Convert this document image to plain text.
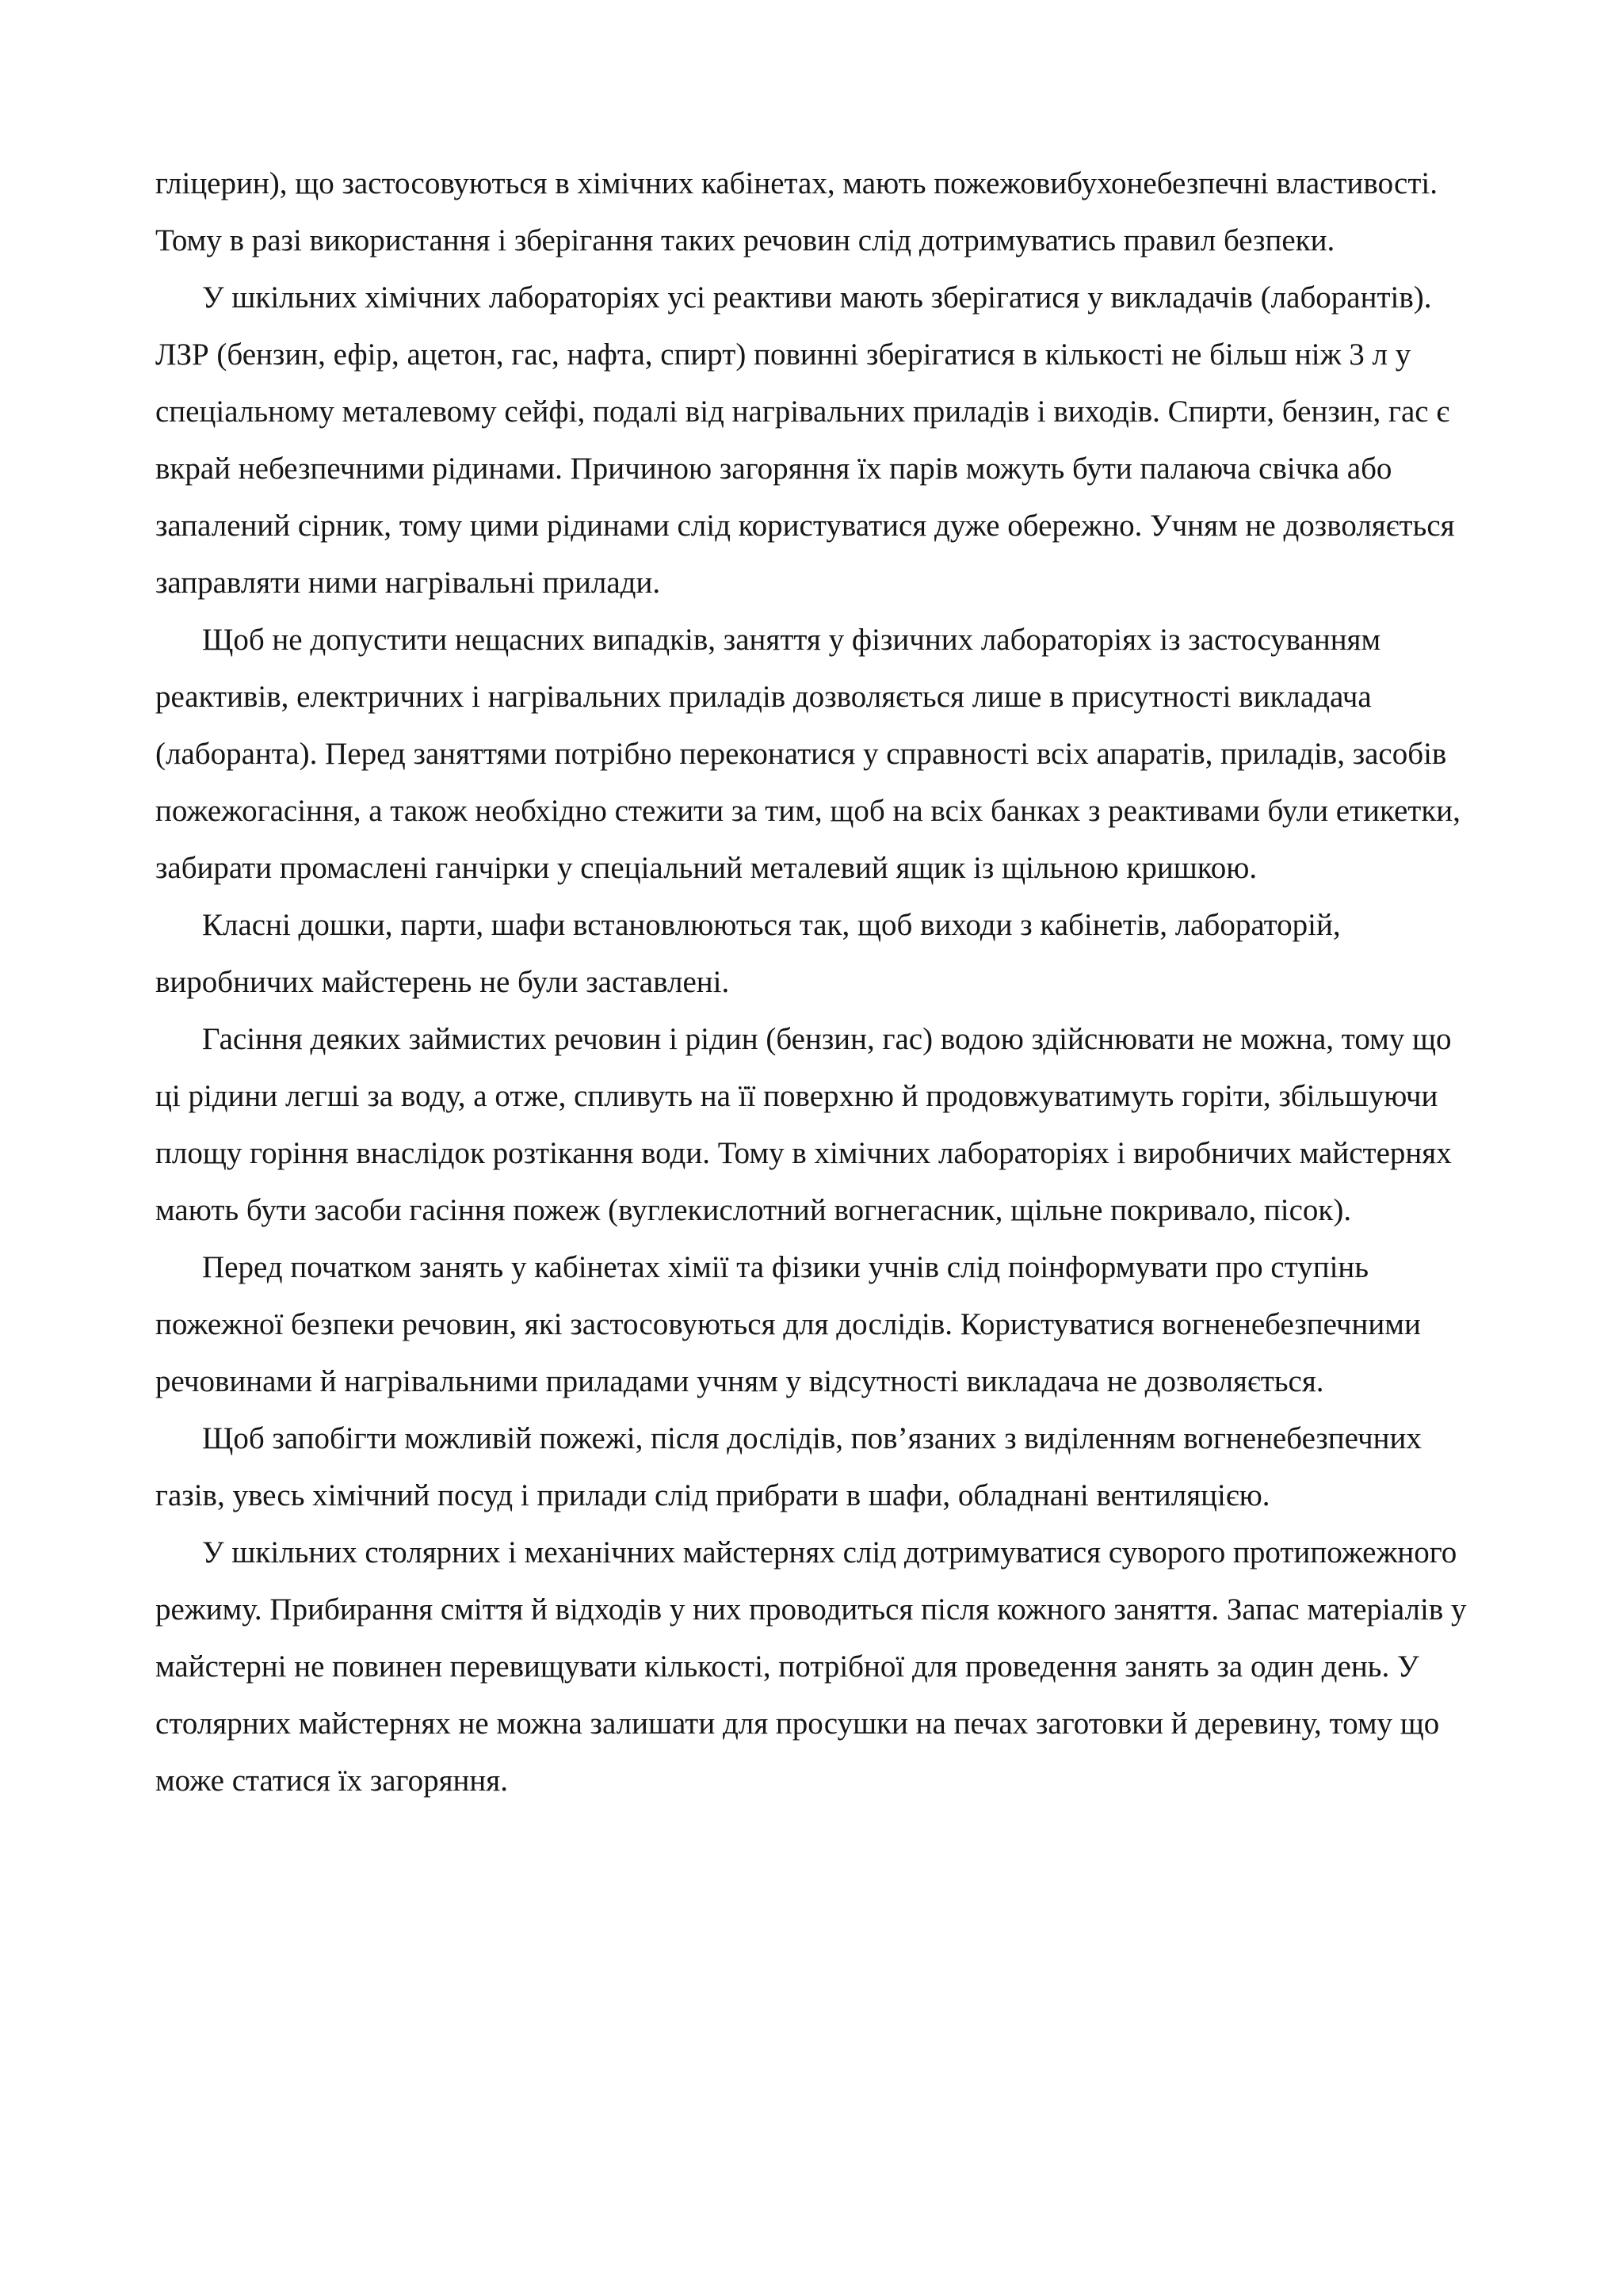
гліцерин), що застосовуються в хімічних кабінетах, мають пожежовибухонебезпечні властивості. Тому в разі використання і зберігання таких речовин слід дотримуватись правил безпеки.

У шкільних хімічних лабораторіях усі реактиви мають зберігатися у викладачів (лаборантів). ЛЗР (бензин, ефір, ацетон, гас, нафта, спирт) повинні зберігатися в кількості не більш ніж 3 л у спеціальному металевому сейфі, подалі від нагрівальних приладів і виходів. Спирти, бензин, гас є вкрай небезпечними рідинами. Причиною загоряння їх парів можуть бути палаюча свічка або запалений сірник, тому цими рідинами слід користуватися дуже обережно. Учням не дозволяється заправляти ними нагрівальні прилади.

Щоб не допустити нещасних випадків, заняття у фізичних лабораторіях із застосуванням реактивів, електричних і нагрівальних приладів дозволяється лише в присутності викладача (лаборанта). Перед заняттями потрібно переконатися у справності всіх апаратів, приладів, засобів пожежогасіння, а також необхідно стежити за тим, щоб на всіх банках з реактивами були етикетки, забирати промаслені ганчірки у спеціальний металевий ящик із щільною кришкою.

Класні дошки, парти, шафи встановлюються так, щоб виходи з кабінетів, лабораторій, виробничих майстерень не були заставлені.

Гасіння деяких займистих речовин і рідин (бензин, гас) водою здійснювати не можна, тому що ці рідини легші за воду, а отже, спливуть на її поверхню й продовжуватимуть горіти, збільшуючи площу горіння внаслідок розтікання води. Тому в хімічних лабораторіях і виробничих майстернях мають бути засоби гасіння пожеж (вуглекислотний вогнегасник, щільне покривало, пісок).

Перед початком занять у кабінетах хімії та фізики учнів слід поінформувати про ступінь пожежної безпеки речовин, які застосовуються для дослідів. Користуватися вогненебезпечними речовинами й нагрівальними приладами учням у відсутності викладача не дозволяється.

Щоб запобігти можливій пожежі, після дослідів, пов’язаних з виділенням вогненебезпечних газів, увесь хімічний посуд і прилади слід прибрати в шафи, обладнані вентиляцією.

У шкільних столярних і механічних майстернях слід дотримуватися суворого протипожежного режиму. Прибирання сміття й відходів у них проводиться після кожного заняття. Запас матеріалів у майстерні не повинен перевищувати кількості, потрібної для проведення занять за один день. У столярних майстернях не можна залишати для просушки на печах заготовки й деревину, тому що може статися їх загоряння.
